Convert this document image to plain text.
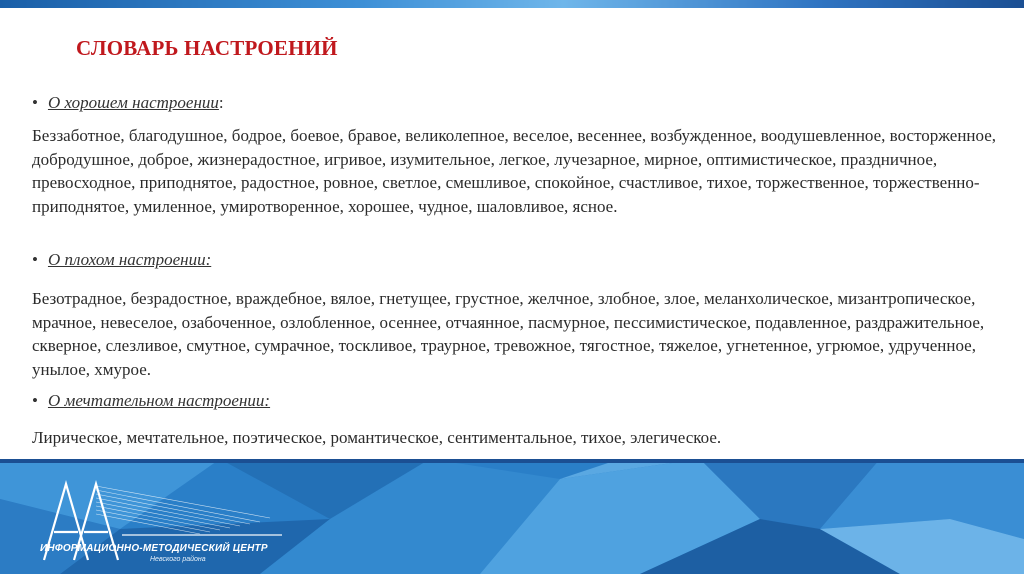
СЛОВАРЬ НАСТРОЕНИЙ
• О хорошем настроении:
Беззаботное, благодушное, бодрое, боевое, бравое, великолепное, веселое, весеннее, возбужденное, воодушевленное, восторженное, добродушное, доброе, жизнерадостное, игривое, изумительное, легкое, лучезарное, мирное, оптимистическое, праздничное, превосходное, приподнятое, радостное, ровное, светлое, смешливое, спокойное, счастливое, тихое, торжественное, торжественно-приподнятое, умиленное, умиротворенное, хорошее, чудное, шаловливое, ясное.
• О плохом настроении:
Безотрадное, безрадостное, враждебное, вялое, гнетущее, грустное, желчное, злобное, злое, меланхолическое, мизантропическое, мрачное, невеселое, озабоченное, озлобленное, осеннее, отчаянное, пасмурное, пессимистическое, подавленное, раздражительное, скверное, слезливое, смутное, сумрачное, тоскливое, траурное, тревожное, тягостное, тяжелое, угнетенное, угрюмое, удрученное, унылое, хмурое.
• О мечтательном настроении:
Лирическое, мечтательное, поэтическое, романтическое, сентиментальное, тихое, элегическое.
ИНФОРМАЦИОННО-МЕТОДИЧЕСКИЙ ЦЕНТР
Невского района
